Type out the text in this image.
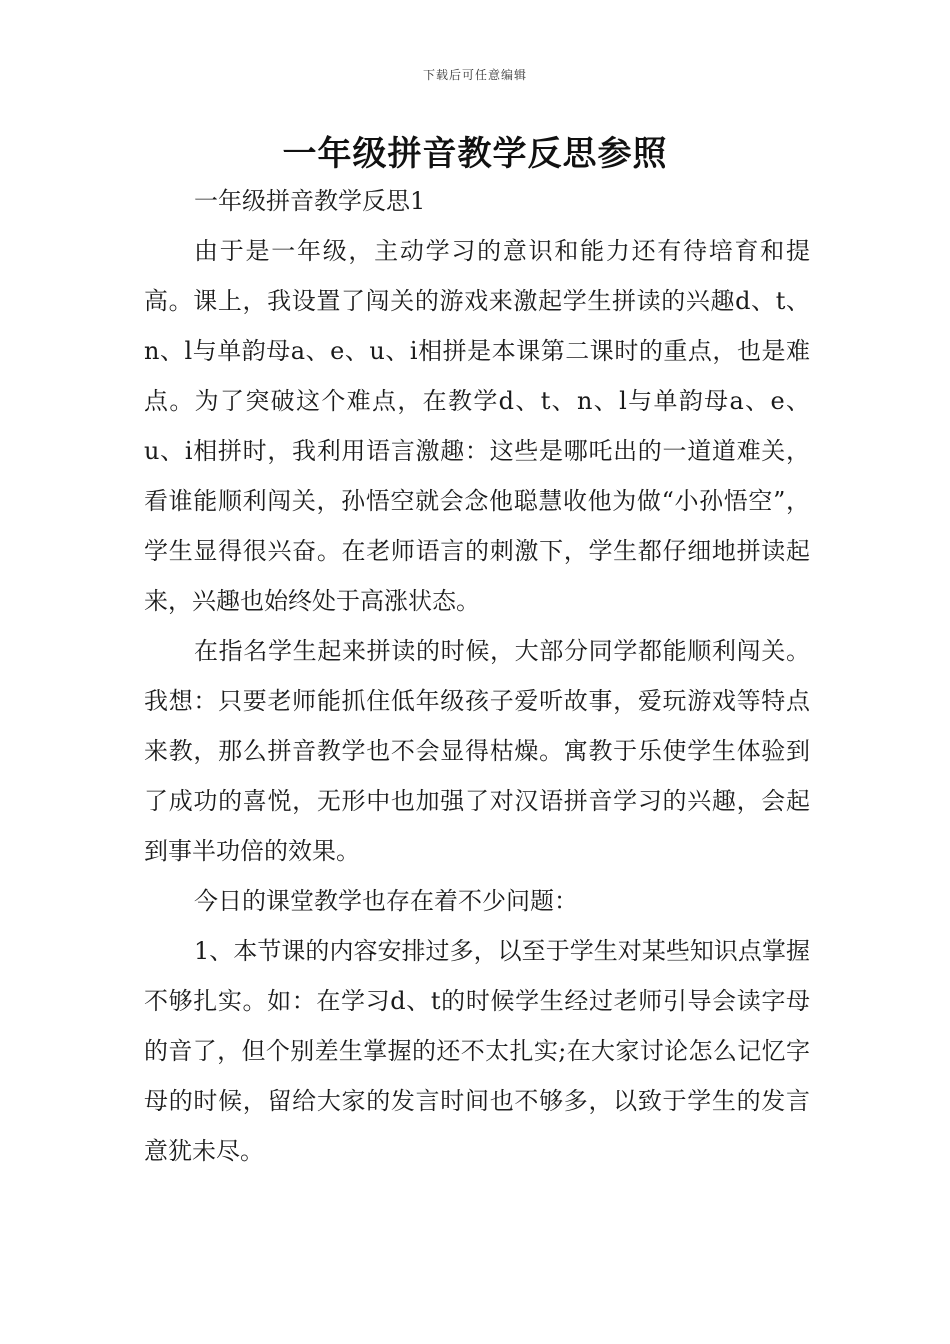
下载后可任意编辑
一年级拼音教学反思参照

一年级拼音教学反思1

由于是一年级，主动学习的意识和能力还有待培育和提高。课上，我设置了闯关的游戏来激起学生拼读的兴趣d、t、n、l与单韵母a、e、u、i相拼是本课第二课时的重点，也是难点。为了突破这个难点，在教学d、t、n、l与单韵母a、e、u、i相拼时，我利用语言激趣：这些是哪吒出的一道道难关，看谁能顺利闯关，孙悟空就会念他聪慧收他为做“小孙悟空”，学生显得很兴奋。在老师语言的刺激下，学生都仔细地拼读起来，兴趣也始终处于高涨状态。

在指名学生起来拼读的时候，大部分同学都能顺利闯关。我想：只要老师能抓住低年级孩子爱听故事，爱玩游戏等特点来教，那么拼音教学也不会显得枯燥。寓教于乐使学生体验到了成功的喜悦，无形中也加强了对汉语拼音学习的兴趣，会起到事半功倍的效果。

今日的课堂教学也存在着不少问题：

1、本节课的内容安排过多，以至于学生对某些知识点掌握不够扎实。如：在学习d、t的时候学生经过老师引导会读字母的音了，但个别差生掌握的还不太扎实;在大家讨论怎么记忆字母的时候，留给大家的发言时间也不够多，以致于学生的发言意犹未尽。
